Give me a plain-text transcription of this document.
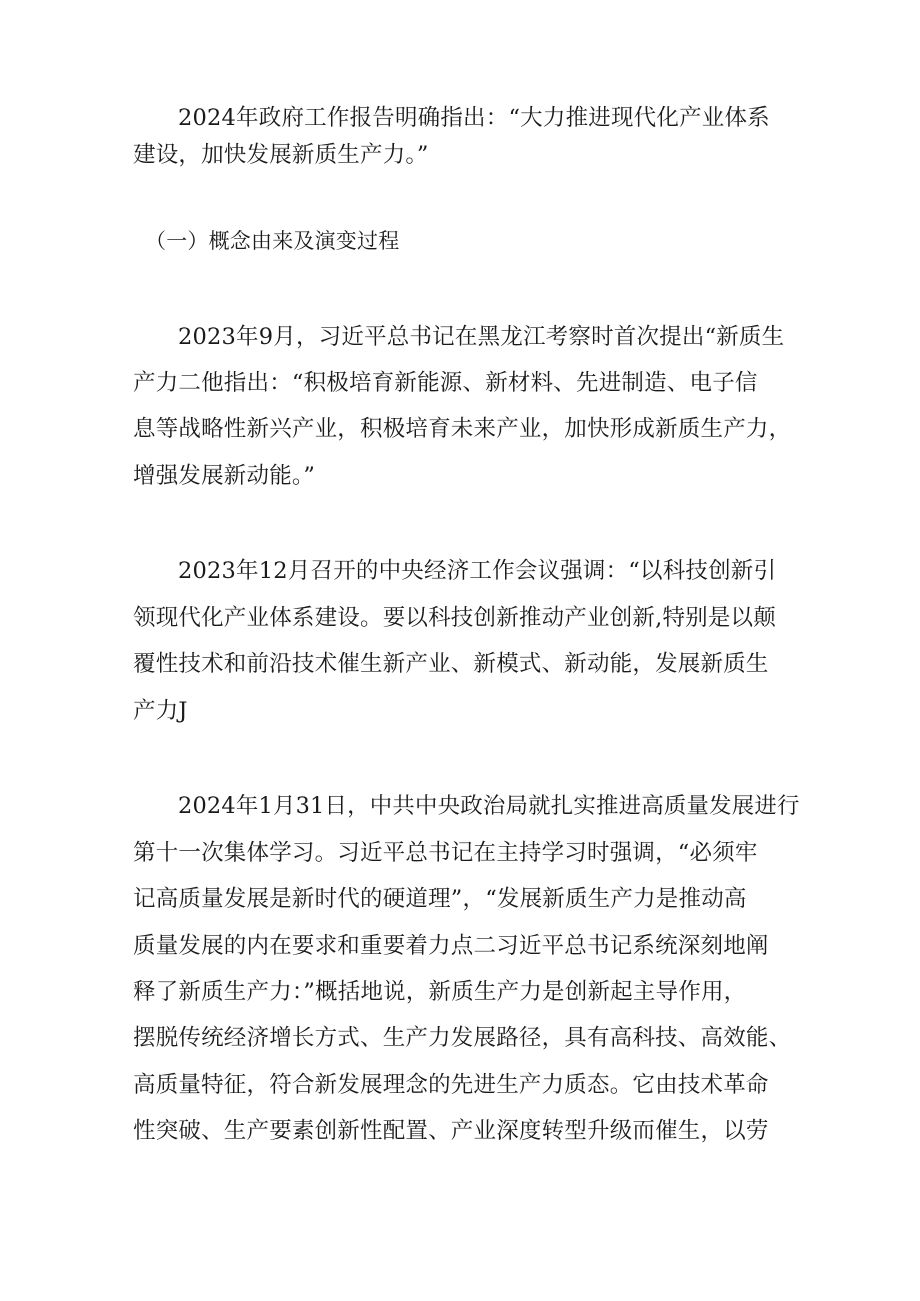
2024年政府工作报告明确指出：“大力推进现代化产业体系
建设，加快发展新质生产力。”
（一）概念由来及演变过程
2023年9月，习近平总书记在黑龙江考察时首次提出“新质生
产力二他指出：“积极培育新能源、新材料、先进制造、电子信
息等战略性新兴产业，积极培育未来产业，加快形成新质生产力，
增强发展新动能。”
2023年12月召开的中央经济工作会议强调：“以科技创新引
领现代化产业体系建设。要以科技创新推动产业创新,特别是以颠
覆性技术和前沿技术催生新产业、新模式、新动能，发展新质生
产力J
2024年1月31日，中共中央政治局就扎实推进高质量发展进行
第十一次集体学习。习近平总书记在主持学习时强调，“必须牢
记高质量发展是新时代的硬道理”，“发展新质生产力是推动高
质量发展的内在要求和重要着力点二习近平总书记系统深刻地阐
释了新质生产力：”概括地说，新质生产力是创新起主导作用，
摆脱传统经济增长方式、生产力发展路径，具有高科技、高效能、
高质量特征，符合新发展理念的先进生产力质态。它由技术革命
性突破、生产要素创新性配置、产业深度转型升级而催生，以劳
